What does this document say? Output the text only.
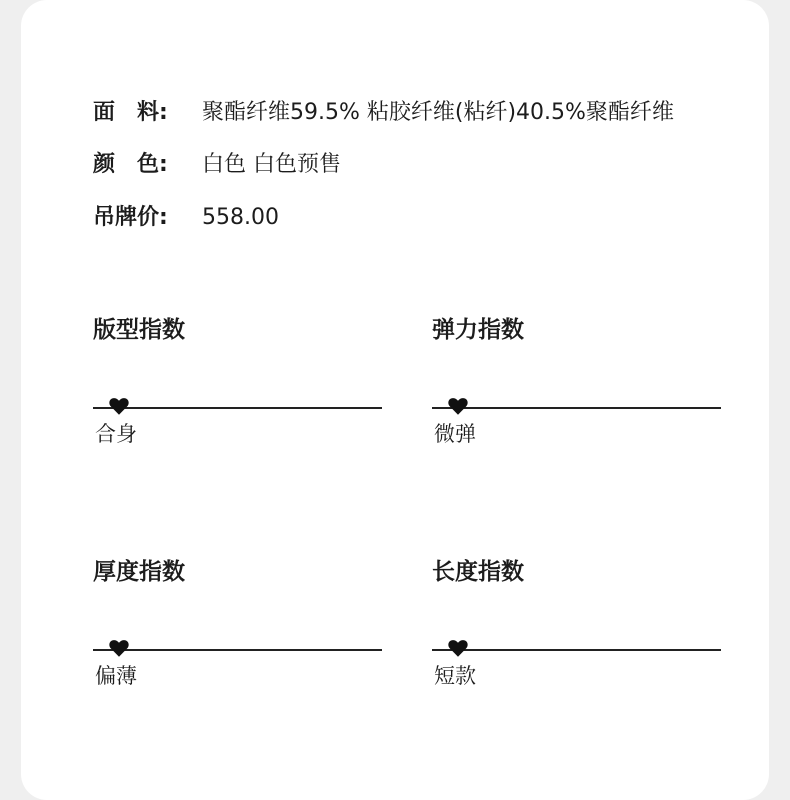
面　料: 聚酯纤维59.5% 粘胶纤维(粘纤)40.5%聚酯纤维
颜　色: 白色 白色预售
吊牌价: 558.00
版型指数
合身
弹力指数
微弹
厚度指数
偏薄
长度指数
短款
